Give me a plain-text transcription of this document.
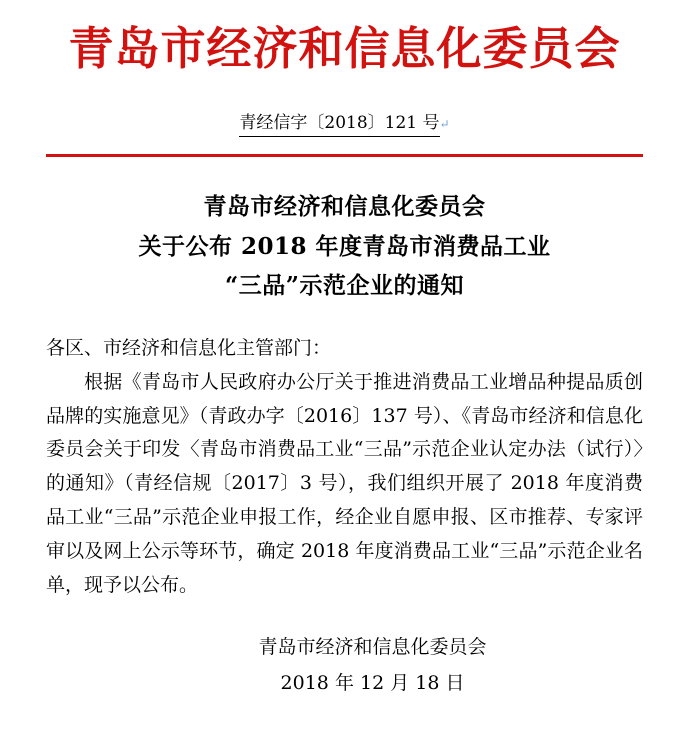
青岛市经济和信息化委员会
青经信字〔2018〕121 号↵
青岛市经济和信息化委员会
关于公布 2018 年度青岛市消费品工业
“三品”示范企业的通知

各区、市经济和信息化主管部门：

根据《青岛市人民政府办公厅关于推进消费品工业增品种提品质创品牌的实施意见》（青政办字〔2016〕137 号）、《青岛市经济和信息化委员会关于印发〈青岛市消费品工业“三品”示范企业认定办法（试行）〉的通知》（青经信规〔2017〕3 号），我们组织开展了 2018 年度消费品工业“三品”示范企业申报工作，经企业自愿申报、区市推荐、专家评审以及网上公示等环节，确定 2018 年度消费品工业“三品”示范企业名单，现予以公布。

青岛市经济和信息化委员会
2018 年 12 月 18 日
